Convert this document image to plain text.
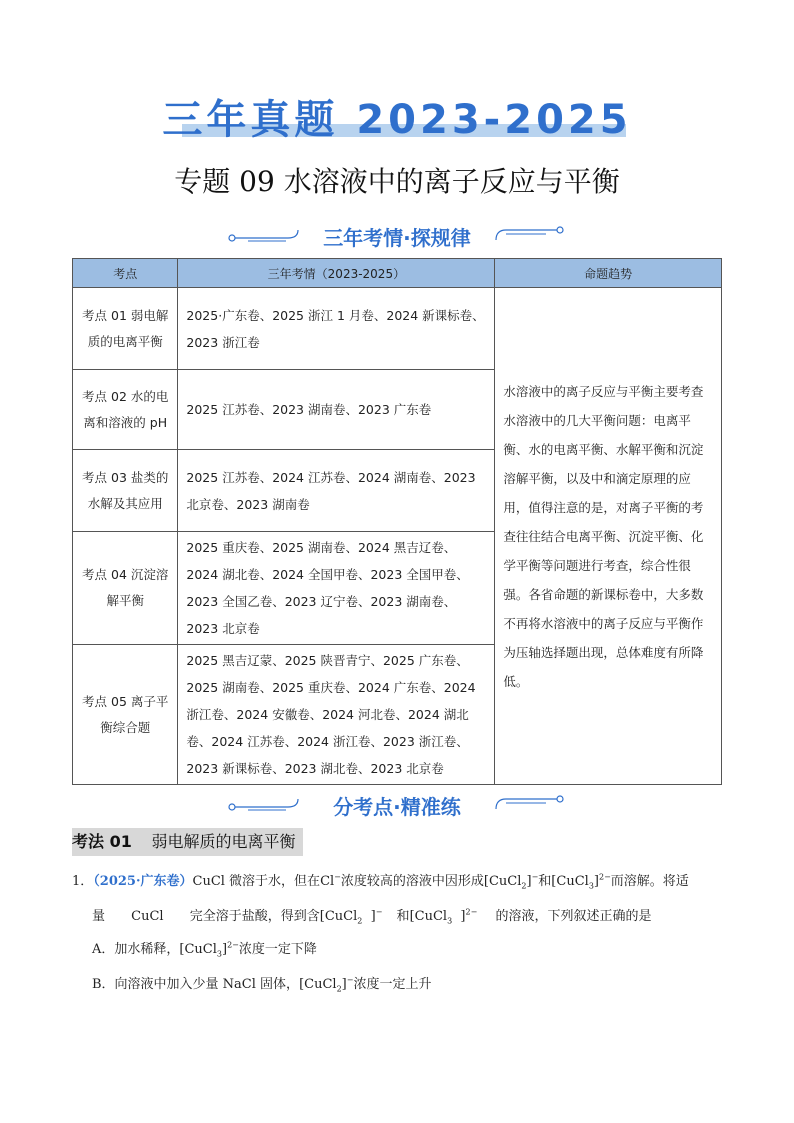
三年真题 2023-2025
专题 09 水溶液中的离子反应与平衡
三年考情·探规律
考点	三年考情（2023-2025）	命题趋势
考点 01 弱电解质的电离平衡	2025·广东卷、2025 浙江 1 月卷、2024 新课标卷、2023 浙江卷	水溶液中的离子反应与平衡主要考查水溶液中的几大平衡问题：电离平衡、水的电离平衡、水解平衡和沉淀溶解平衡，以及中和滴定原理的应用，值得注意的是，对离子平衡的考查往往结合电离平衡、沉淀平衡、化学平衡等问题进行考查，综合性很强。各省命题的新课标卷中，大多数不再将水溶液中的离子反应与平衡作为压轴选择题出现，总体难度有所降低。
考点 02 水的电离和溶液的 pH	2025 江苏卷、2023 湖南卷、2023 广东卷	
考点 03 盐类的水解及其应用	2025 江苏卷、2024 江苏卷、2024 湖南卷、2023 北京卷、2023 湖南卷	
考点 04 沉淀溶解平衡	2025 重庆卷、2025 湖南卷、2024 黑吉辽卷、2024 湖北卷、2024 全国甲卷、2023 全国甲卷、2023 全国乙卷、2023 辽宁卷、2023 湖南卷、2023 北京卷	
考点 05 离子平衡综合题	2025 黑吉辽蒙、2025 陕晋青宁、2025 广东卷、2025 湖南卷、2025 重庆卷、2024 广东卷、2024 浙江卷、2024 安徽卷、2024 河北卷、2024 湖北卷、2024 江苏卷、2024 浙江卷、2023 浙江卷、2023 新课标卷、2023 湖北卷、2023 北京卷	
分考点·精准练
考法 01 弱电解质的电离平衡
1．（2025·广东卷）CuCl 微溶于水，但在Cl−浓度较高的溶液中因形成[CuCl$_2$]−和[CuCl$_3$]$^{2-}$而溶解。将适
量 CuCl 完全溶于盐酸，得到含[CuCl$_2$  ]− 和[CuCl$_3$  ]$^{2-}$ 的溶液，下列叙述正确的是
A．加水稀释，[CuCl$_3$]$^{2-}$浓度一定下降
B．向溶液中加入少量 NaCl 固体，[CuCl$_2$]−浓度一定上升
